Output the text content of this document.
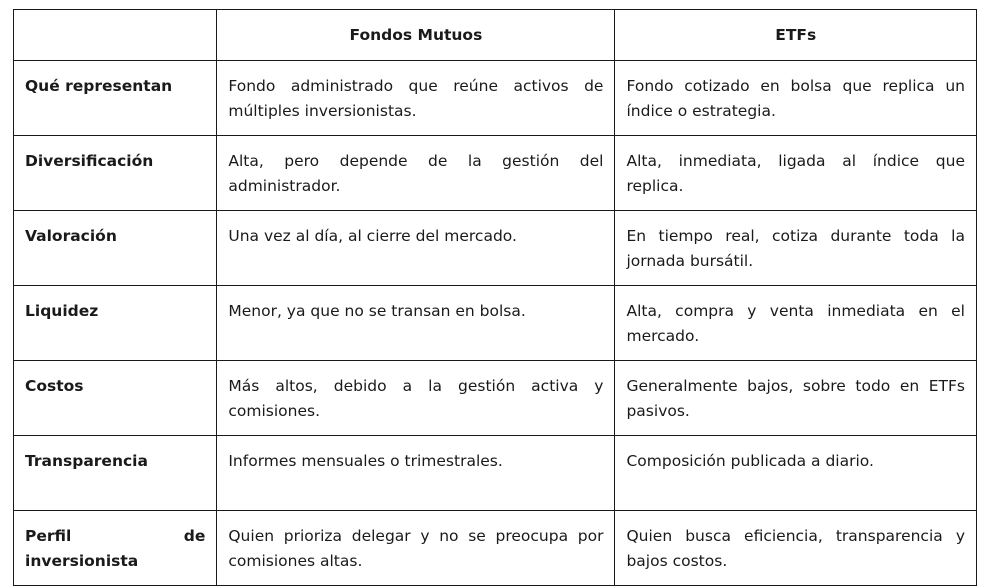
	Fondos Mutuos	ETFs
Qué representan	Fondo administrado que reúne activos de múltiples inversionistas.	Fondo cotizado en bolsa que replica un índice o estrategia.
Diversificación	Alta, pero depende de la gestión del administrador.	Alta, inmediata, ligada al índice que replica.
Valoración	Una vez al día, al cierre del mercado.	En tiempo real, cotiza durante toda la jornada bursátil.
Liquidez	Menor, ya que no se transan en bolsa.	Alta, compra y venta inmediata en el mercado.
Costos	Más altos, debido a la gestión activa y comisiones.	Generalmente bajos, sobre todo en ETFs pasivos.
Transparencia	Informes mensuales o trimestrales.	Composición publicada a diario.
Perfil de inversionista	Quien prioriza delegar y no se preocupa por comisiones altas.	Quien busca eficiencia, transparencia y bajos costos.
